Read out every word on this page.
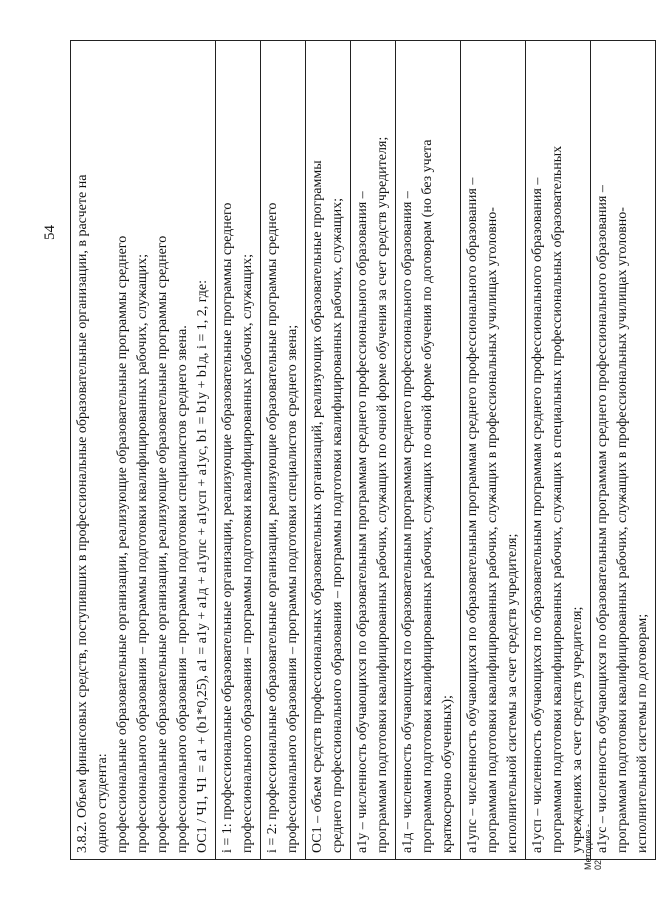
54 3.8.2. Объем финансовых средств, поступивших в профессиональные образовательные организации, в расчете на одного студента: профессиональные образовательные организации, реализующие образовательные программы среднего профессионального образования – программы подготовки квалифицированных рабочих, служащих; профессиональные образовательные организации, реализующие образовательные программы среднего профессионального образования – программы подготовки специалистов среднего звена. ОС1 / Ч1, Ч1 = а1 + (b1*0,25), а1 = а1у + а1д + а1упс + а1усп + а1ус, b1 = b1у + b1д, i = 1, 2, где:

i = 1: профессиональные образовательные организации, реализующие образовательные программы среднего профессионального образования – программы подготовки квалифицированных рабочих, служащих;

i = 2: профессиональные образовательные организации, реализующие образовательные программы среднего профессионального образования – программы подготовки специалистов среднего звена;

ОС1 – объем средств профессиональных образовательных организаций, реализующих образовательные программы среднего профессионального образования – программы подготовки квалифицированных рабочих, служащих;

а1у – численность обучающихся по образовательным программам среднего профессионального образования – программам подготовки квалифицированных рабочих, служащих по очной форме обучения за счет средств учредителя;

а1д – численность обучающихся по образовательным программам среднего профессионального образования – программам подготовки квалифицированных рабочих, служащих по очной форме обучения по договорам (но без учета краткосрочно обученных);

а1упс – численность обучающихся по образовательным программам среднего профессионального образования – программам подготовки квалифицированных рабочих, служащих в профессиональных училищах уголовно- исполнительной системы за счет средств учредителя;

а1усп – численность обучающихся по образовательным программам среднего профессионального образования – программам подготовки квалифицированных рабочих, служащих в специальных профессиональных образовательных учреждениях за счет средств учредителя;

а1ус – численность обучающихся по образовательным программам среднего профессионального образования – программам подготовки квалифицированных рабочих, служащих в профессиональных училищах уголовно- исполнительной системы по договорам;
Методика - 02
